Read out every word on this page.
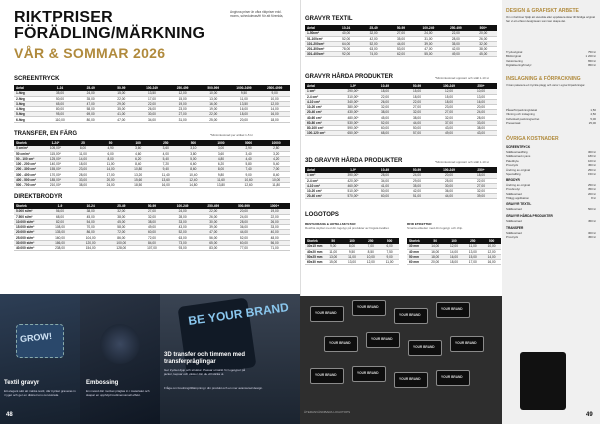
RIKTPRISER
FÖRÄDLING/MÄRKNING
VÅR & SOMMAR 2026
Angivna priser är våra riktpriser exkl. moms, scheduleras/fri för att förenkla,
SCREENTRYCK
Antal	1-24	25-49	50-99	100-249	250-499	500-999	1000-2499	2500-4999
1-färg	35,00	24,00	15,00	13,50	12,00	10,00	9,50	9,00
2-färg	50,00	35,00	22,00	17,00	15,00	13,00	11,00	10,00
3-färg	65,00	47,00	29,00	22,00	19,00	16,00	13,50	12,00
4-färg	80,00	58,00	35,00	26,00	23,00	19,00	16,00	14,00
5-färg	95,00	69,00	41,00	30,00	27,00	22,00	18,00	16,00
6-färg	110,00	80,00	47,00	34,00	31,00	25,00	20,00	18,00
TRANSFER, EN FÄRG	*Minimikostnad per artikel 1-5 kr
Storlek	1-24*	25	50	100	250	500	1000	5000	10000
5 cm/m²	105,00*	8,00	4,90	3,60	3,60	3,10	3,00	2,90	2,80
50 cm/m²	115,00*	11,00	6,00	4,60	4,00	3,80	3,60	3,40	3,20
50 - 100 cm²	125,00*	14,00	8,00	6,20	5,40	5,00	4,80	4,40	4,20
100 - 200 cm²	140,00*	18,00	11,00	8,40	7,20	6,60	6,20	5,80	5,40
200 - 300 cm²	155,00*	23,00	14,00	10,80	9,40	8,60	8,00	7,40	7,00
300 - 400 cm²	170,00*	28,00	17,00	13,20	11,40	10,40	9,80	9,00	8,40
400 - 500 cm²	185,00*	33,00	20,00	15,60	13,60	12,40	11,60	10,60	10,00
500 - 700 cm²	210,00*	38,00	24,00	18,50	16,00	14,80	13,80	12,60	11,80
DIREKTBRODYR
Storlek	1-9	10-24	25-49	50-99	100-249	250-499	500-999	1000+
5.000 st/m²	56,00	38,00	32,00	27,00	24,00	22,00	20,00	19,00
7.500 st/m²	68,00	45,00	38,00	32,00	28,00	26,00	24,00	22,00
10.000 st/m²	82,00	54,00	45,00	38,00	33,00	30,00	28,00	26,00
15.000 st/m²	108,00	70,00	58,00	49,00	43,00	39,00	36,00	33,00
20.000 st/m²	135,00	86,00	72,00	60,00	52,00	47,00	44,00	40,00
25.000 st/m²	160,00	104,00	86,00	72,00	63,00	56,00	52,00	48,00
30.000 st/m²	186,00	120,00	100,00	84,00	73,00	65,00	60,00	56,00
40.000 st/m²	238,00	154,00	128,00	107,00	93,00	83,00	77,00	71,00
GROW!
BE YOUR BRAND
Textil gravyr
Ett elegant sätt att märka textil, där trycket graveras in i tyget och ger en diskret ton-i-ton-känsla.
Embossing
En metod där motivet präglas in i materialet och skapar en upphöjd tredimensionell effekt.
3D transfer och timmen med transferpräglingar
Ger trycket djup och struktur. Passar utmärkt för logotyper på jackor, kepsar och väskor där du vill sticka ut.
Fråga om bredning/tillämpning i din produkt och en mer avancerad design.
48
GRAVYR TEXTIL
Antal	10-24	25-49	50-99	100-249	250-499	500+
1-50cm²	40,00	32,00	27,00	24,00	22,00	20,00
51-100cm²	52,00	42,00	35,00	31,00	28,00	26,00
101-200cm²	64,00	52,00	44,00	39,00	35,00	32,00
201-300cm²	78,00	63,00	53,00	47,00	42,00	38,00
301-400cm²	92,00	74,00	62,00	55,00	49,00	45,00
GRAVYR HÅRDA PRODUKTER	*Minimikostnad uppstart och ställ 1-10 st
Antal	1-9*	10-49	50-99	100-249	250+
1 cm²	290,00*	18,00	15,00	12,00	10,00
2-4 cm²	310,00*	22,00	18,00	15,00	13,00
4-10 cm²	340,00*	26,00	22,00	18,00	16,00
10-20 cm²	380,00*	32,00	27,00	23,00	20,00
20-40 cm²	430,00*	38,00	32,00	27,00	24,00
40-60 cm²	480,00*	45,00	38,00	32,00	28,00
60-80 cm²	530,00*	52,00	44,00	37,00	33,00
80-100 cm²	590,00*	60,00	50,00	43,00	38,00
100-120 cm²	650,00*	68,00	57,00	49,00	43,00
3D GRAVYR HÅRDA PRODUKTER	*Minimikostnad uppstart och ställ 1-10 st
Antal	1-9*	10-49	50-99	100-249	250+
1 cm²	390,00*	28,00	24,00	20,00	18,00
2-4 cm²	420,00*	34,00	29,00	25,00	22,00
4-10 cm²	460,00*	41,00	35,00	30,00	27,00
10-20 cm²	510,00*	50,00	42,00	36,00	32,00
20-40 cm²	570,00*	60,00	51,00	44,00	39,00
LOGOTOPS
RESTAURANG & HOTELLSKYLTAR
Rostfria skyltar med din logotyp på produkter av högsta kvalitet.
RFID ETIKETTER
Smarta etiketter med din logotyp och chip.
Storlek	50	100	250	500
30x15 mm	9,00	8,00	7,00	6,00
40x20 mm	11,00	9,50	8,50	7,50
50x25 mm	13,00	11,00	10,00	9,00
60x30 mm	15,00	13,00	12,00	11,00
Storlek	50	100	250	500
30 mm	14,00	12,00	11,00	10,00
40 mm	16,00	14,00	13,00	12,00
50 mm	18,00	16,00	15,00	14,00
60 mm	20,00	18,00	17,00	16,00
YOUR BRAND
YOUR BRAND
YOUR BRAND
YOUR BRAND
YOUR BRAND
YOUR BRAND
YOUR BRAND
YOUR BRAND
YOUR BRAND	YOUR BRAND
YOUR BRAND	YOUR BRAND
ÅTERANVÄNDBARA LOGOTOPS
DESIGN & GRAFISKT ARBETE
Om ni behöver hjälp att utveckla eller uppdatera idéer till färdiga original har vi ett erfaret designteam som kan skapa det.
Tryckoriginal	750 kr
Bild/original	1 200 kr
Vektorisering	650 kr
Digitalisering/brodyr	950 kr
INSLAGNING & FÖRPACKNING
Vi kan paketera ert tryckta plagg och varor i egna förpackningar.
Påsar/förpackning/dekal	1,50
Vikning och inslagning	4,50
Individuell packning/enhet	5,00
Presentask	25,00
ÖVRIGA KOSTNADER
SCREENTRYCK
Ställkostnad/färg	300 kr
Ställkostnad nyans	180 kr
Palettbyte	100 kr
Provtryck	450 kr
Ändring av original	250 kr
Specialfärg	150 kr
BRODYR
Ändring av original	250 kr
Provbrodyr	350 kr
Ställkostnad	200 kr
Tillägg applikation	8 kr
GRAVYR TEXTIL
Ställkostnad	500 kr
GRAVYR HÅRDA PRODUKTER
Ställkostnad	450 kr
TRANSFER
Ställkostnad	300 kr
Provtryck	450 kr
49
